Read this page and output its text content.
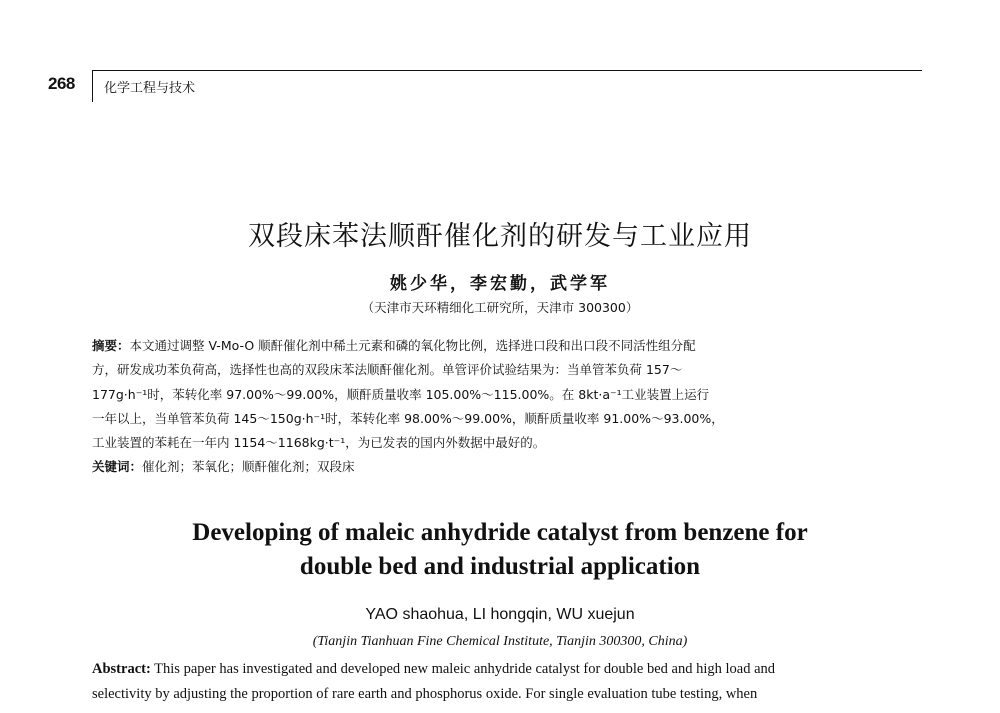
268 化学工程与技术
双段床苯法顺酐催化剂的研发与工业应用
姚少华，李宏勤，武学军
（天津市天环精细化工研究所，天津市 300300）
摘要：本文通过调整 V-Mo-O 顺酐催化剂中稀土元素和磷的氧化物比例，选择进口段和出口段不同活性组分配
方，研发成功苯负荷高，选择性也高的双段床苯法顺酐催化剂。单管评价试验结果为：当单管苯负荷 157～
177g·h⁻¹时，苯转化率 97.00%～99.00%，顺酐质量收率 105.00%～115.00%。在 8kt·a⁻¹工业装置上运行
一年以上，当单管苯负荷 145～150g·h⁻¹时，苯转化率 98.00%～99.00%，顺酐质量收率 91.00%～93.00%，
工业装置的苯耗在一年内 1154～1168kg·t⁻¹，为已发表的国内外数据中最好的。
关键词：催化剂；苯氧化；顺酐催化剂；双段床
Developing of maleic anhydride catalyst from benzene for
double bed and industrial application
YAO shaohua, LI hongqin, WU xuejun
(Tianjin Tianhuan Fine Chemical Institute, Tianjin 300300, China)
Abstract: This paper has investigated and developed new maleic anhydride catalyst for double bed and high load and
selectivity by adjusting the proportion of rare earth and phosphorus oxide. For single evaluation tube testing, when
